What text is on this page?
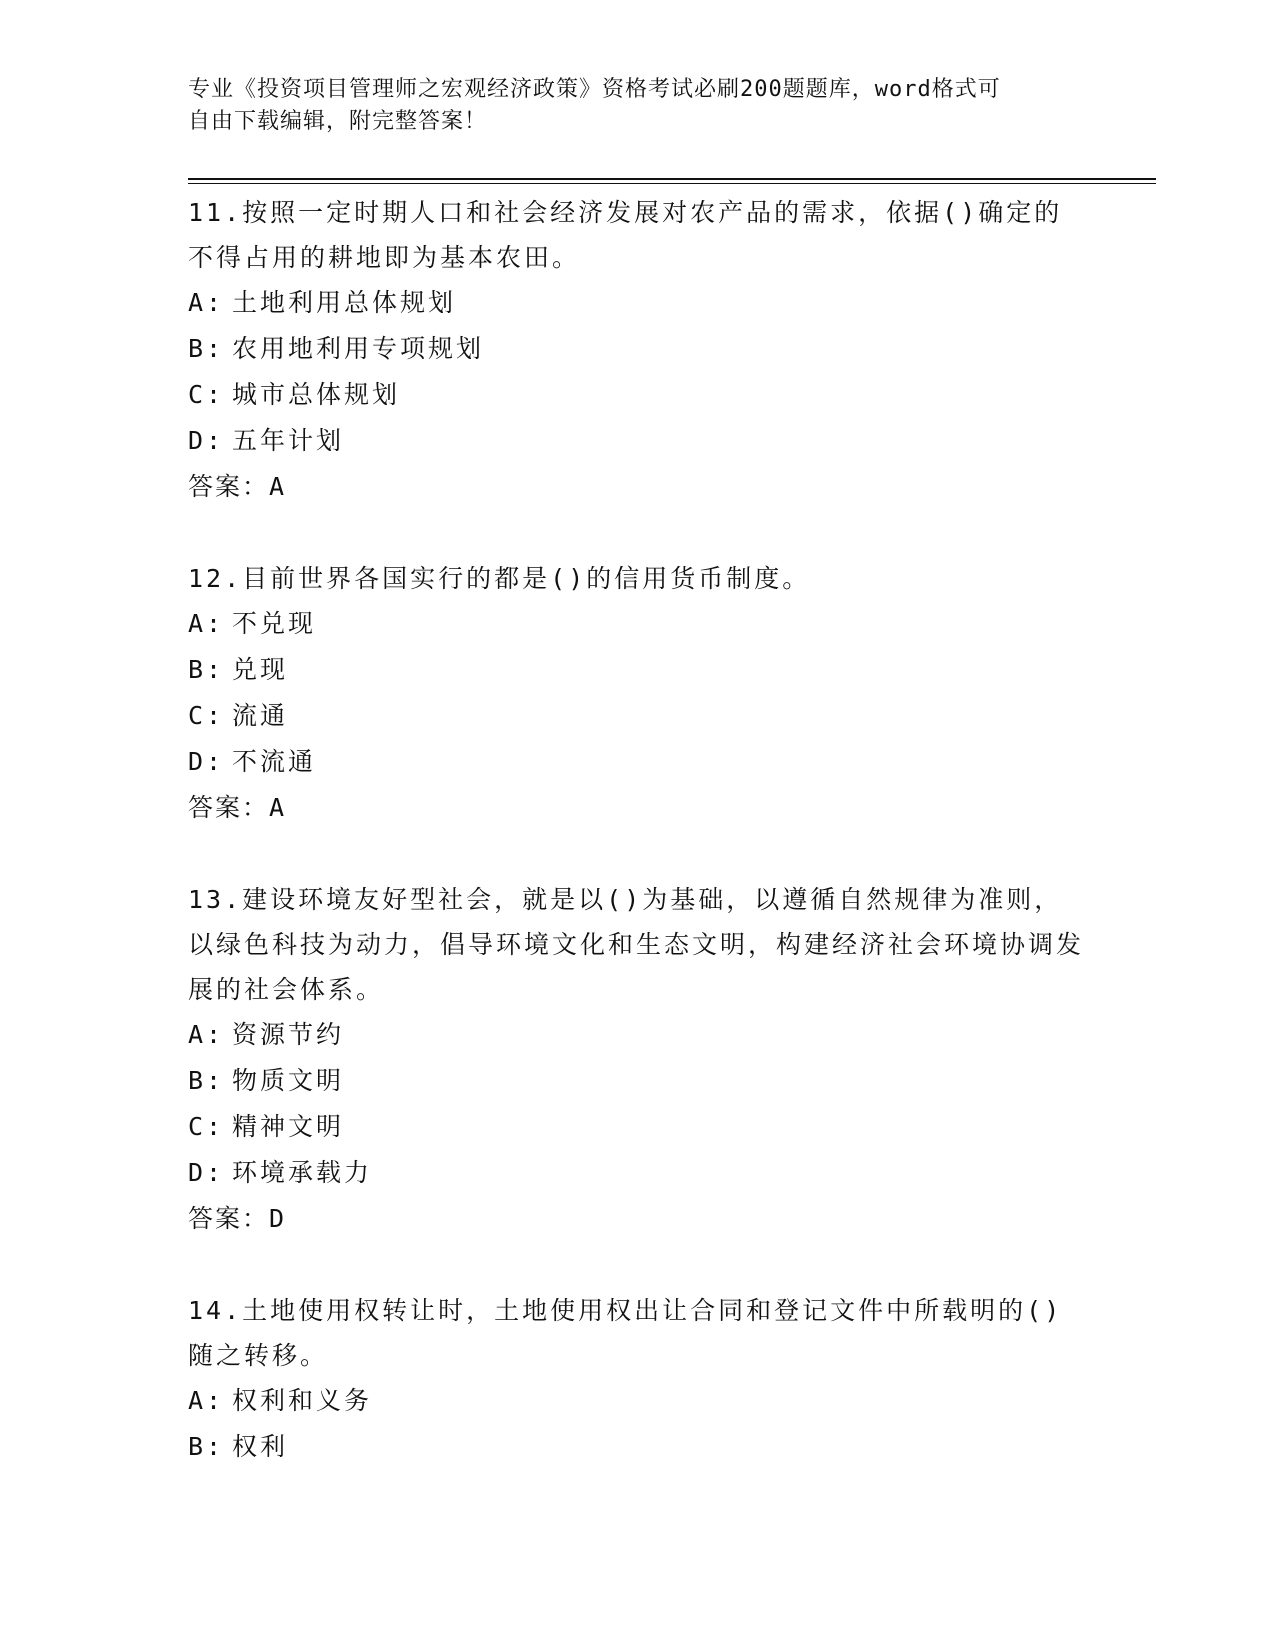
专业《投资项目管理师之宏观经济政策》资格考试必刷200题题库，word格式可
自由下载编辑，附完整答案！
11.按照一定时期人口和社会经济发展对农产品的需求，依据()确定的不得占用的耕地即为基本农田。
A: 土地利用总体规划
B: 农用地利用专项规划
C: 城市总体规划
D: 五年计划
答案：A
12.目前世界各国实行的都是()的信用货币制度。
A: 不兑现
B: 兑现
C: 流通
D: 不流通
答案：A
13.建设环境友好型社会，就是以()为基础，以遵循自然规律为准则，以绿色科技为动力，倡导环境文化和生态文明，构建经济社会环境协调发展的社会体系。
A: 资源节约
B: 物质文明
C: 精神文明
D: 环境承载力
答案：D
14.土地使用权转让时，土地使用权出让合同和登记文件中所载明的()随之转移。
A: 权利和义务
B: 权利
